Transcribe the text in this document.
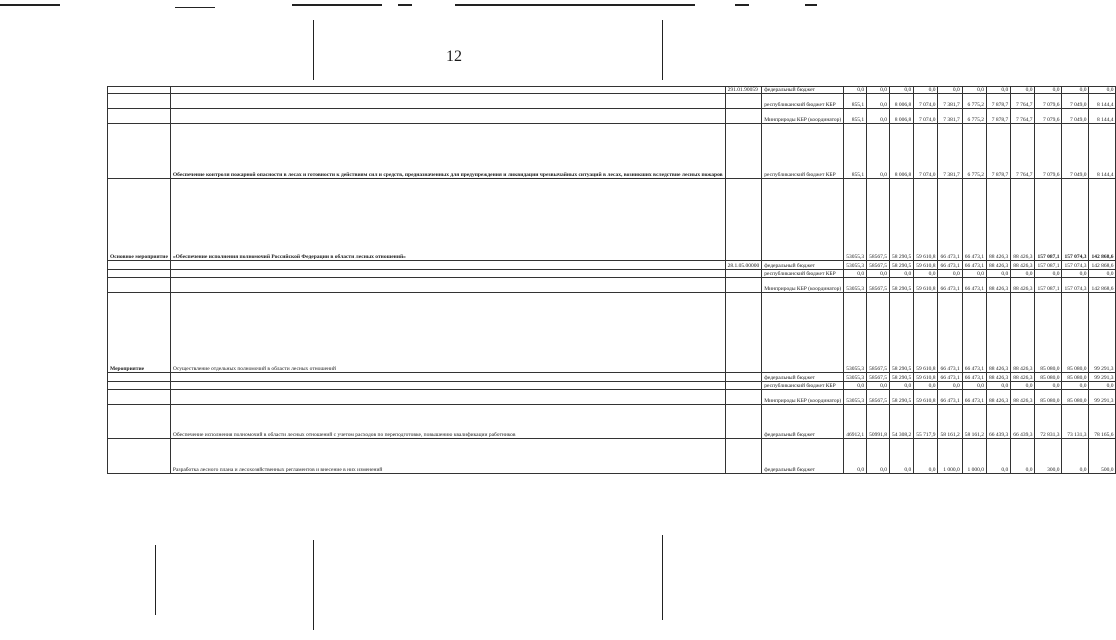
12
		291.01.90059	федеральный бюджет	0,0	0,0	0,0	0,0	0,0	0,0	0,0	0,0	0,0	0,0	0,0
			республиканский бюджет КБР	855,1	0,0	8 006,8	7 074,0	7 381,7	6 775,2	7 878,7	7 764,7	7 079,6	7 049,0	8 144,4
			Минприроды КБР (координатор)	855,1	0,0	8 006,8	7 074,0	7 381,7	6 775,2	7 878,7	7 764,7	7 079,6	7 049,0	8 144,4
	Обеспечение контроля пожарной опасности в лесах и готовности к действиям сил и средств, предназначенных для предупреждения и ликвидации чрезвычайных ситуаций в лесах, возникших вследствие лесных пожаров		республиканский бюджет КБР	855,1	0,0	8 006,8	7 074,0	7 381,7	6 775,2	7 878,7	7 764,7	7 079,6	7 049,0	8 144,4
Основное мероприятие	«Обеспечение исполнения полномочий Российской Федерации в области лесных отношений»			53055,3	58567,5	58 290,5	59 610,8	66 473,1	66 473,1	88 426,3	88 426,3	157 087,1	157 074,3	142 868,6
		28.1.05.00000	федеральный бюджет	53055,3	58567,5	58 290,5	59 610,8	66 473,1	66 473,1	88 426,3	88 426,3	157 087,1	157 074,3	142 868,6
			республиканский бюджет КБР	0,0	0,0	0,0	0,0	0,0	0,0	0,0	0,0	0,0	0,0	0,0
			Минприроды КБР (координатор)	53055,3	58567,5	58 290,5	59 610,8	66 473,1	66 473,1	88 426,3	88 426,3	157 087,1	157 074,3	142 868,6
Мероприятие	Осуществление отдельных полномочий в области лесных отношений			53055,3	58567,5	58 290,5	59 610,8	66 473,1	66 473,1	88 426,3	88 426,3	85 080,0	85 080,0	99 291,3
			федеральный бюджет	53055,3	58567,5	58 290,5	59 610,8	66 473,1	66 473,1	88 426,3	88 426,3	85 080,0	85 080,0	99 291,3
			республиканский бюджет КБР	0,0	0,0	0,0	0,0	0,0	0,0	0,0	0,0	0,0	0,0	0,0
			Минприроды КБР (координатор)	53055,3	58567,5	58 290,5	59 610,8	66 473,1	66 473,1	88 426,3	88 426,3	85 080,0	85 080,0	99 291,3
	Обеспечение исполнения полномочий в области лесных отношений с учетом расходов по переподготовке, повышению квалификации работников		федеральный бюджет	46912,1	50991,8	54 308,2	55 717,9	58 161,2	58 161,2	66 439,3	66 439,3	72 831,3	73 131,3	78 165,6
	Разработка лесного плана и лесохозяйственных регламентов и внесение в них изменений		федеральный бюджет	0,0	0,0	0,0	0,0	1 000,0	1 000,0	0,0	0,0	300,0	0,0	500,0
